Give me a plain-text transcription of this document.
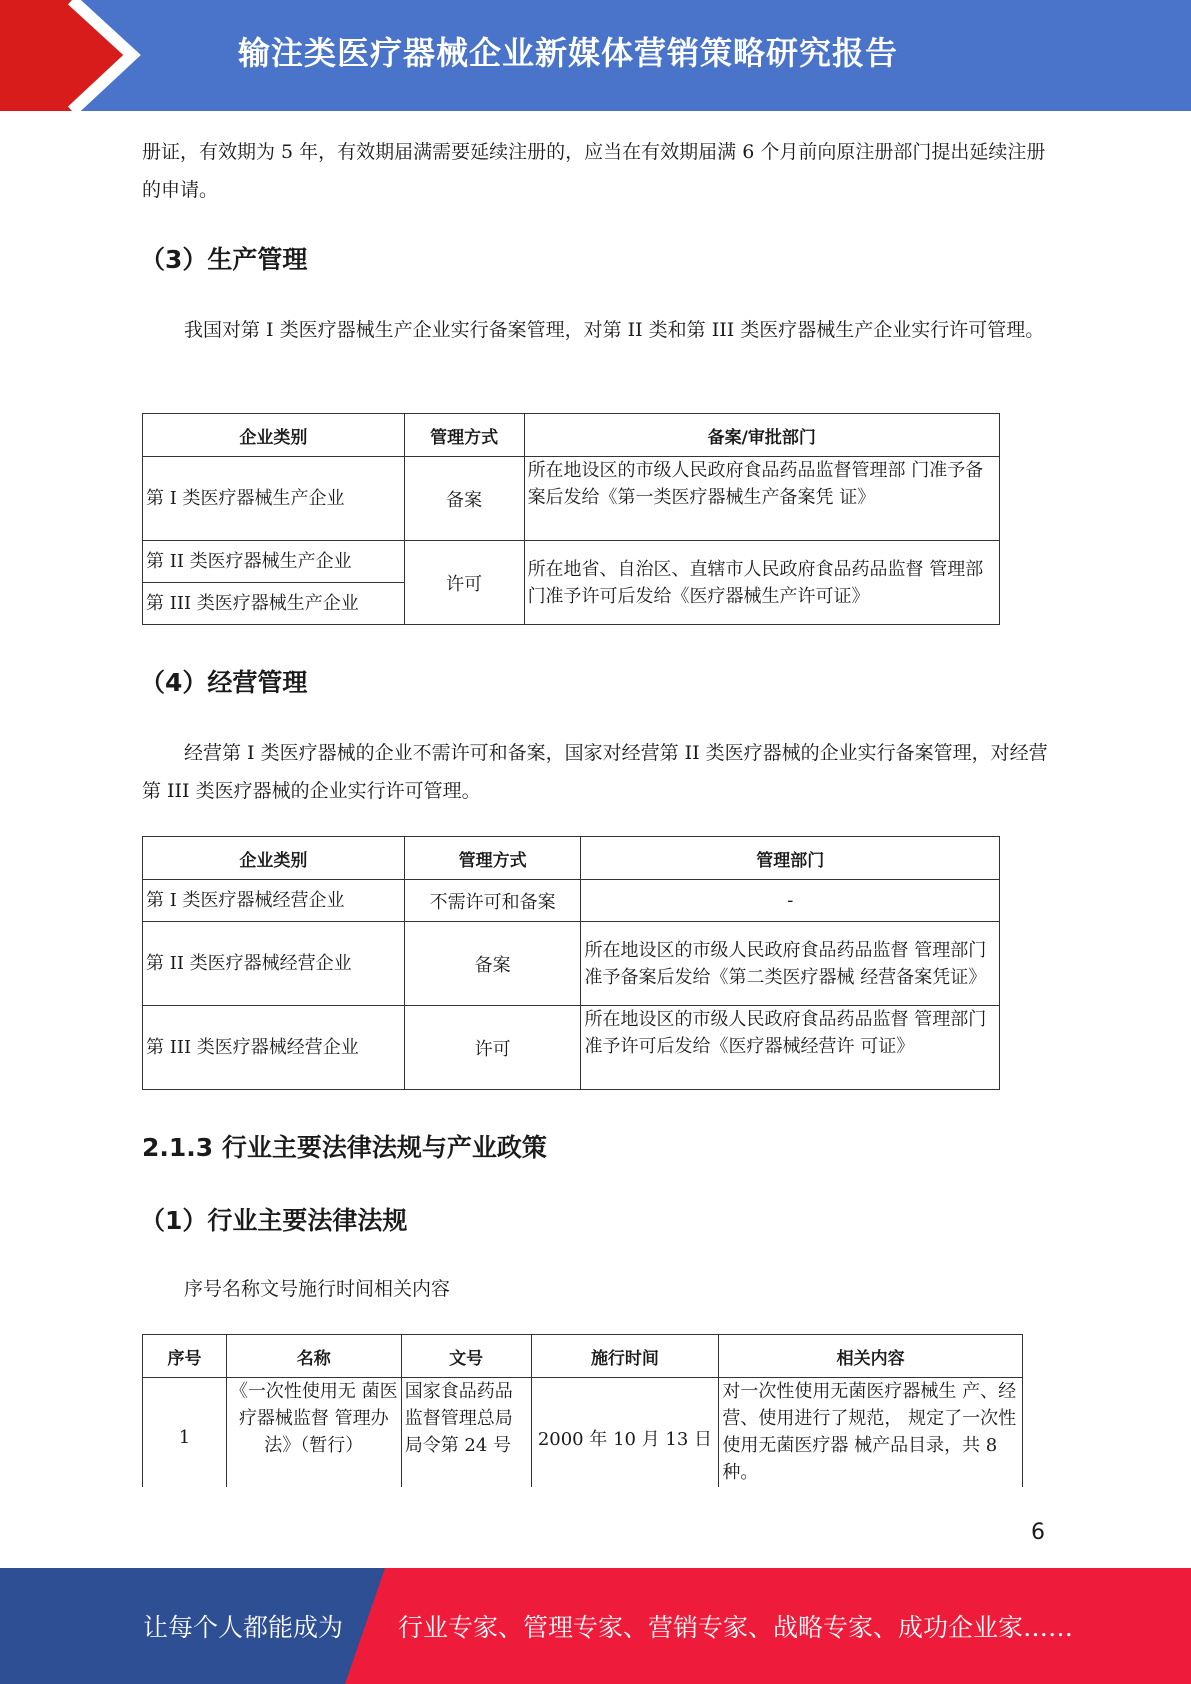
输注类医疗器械企业新媒体营销策略研究报告
册证，有效期为 5 年，有效期届满需要延续注册的，应当在有效期届满 6 个月前向原注册部门提出延续注册的申请。
（3）生产管理
我国对第 I 类医疗器械生产企业实行备案管理，对第 II 类和第 III 类医疗器械生产企业实行许可管理。
企业类别	管理方式	备案/审批部门
第 I 类医疗器械生产企业	备案	所在地设区的市级人民政府食品药品监督管理部 门准予备案后发给《第一类医疗器械生产备案凭 证》
第 II 类医疗器械生产企业	许可	所在地省、自治区、直辖市人民政府食品药品监督 管理部门准予许可后发给《医疗器械生产许可证》
第 III 类医疗器械生产企业		
（4）经营管理
经营第 I 类医疗器械的企业不需许可和备案，国家对经营第 II 类医疗器械的企业实行备案管理，对经营第 III 类医疗器械的企业实行许可管理。
企业类别	管理方式	管理部门
第 I 类医疗器械经营企业	不需许可和备案	-
第 II 类医疗器械经营企业	备案	所在地设区的市级人民政府食品药品监督 管理部门准予备案后发给《第二类医疗器械 经营备案凭证》
第 III 类医疗器械经营企业	许可	所在地设区的市级人民政府食品药品监督 管理部门准予许可后发给《医疗器械经营许 可证》
2.1.3 行业主要法律法规与产业政策
（1）行业主要法律法规
序号名称文号施行时间相关内容
序号	名称	文号	施行时间	相关内容
1	《一次性使用无 菌医疗器械监督 管理办法》（暂行）	国家食品药品监督管理总局局令第 24 号	2000 年 10 月 13 日	对一次性使用无菌医疗器械生 产、经营、使用进行了规范， 规定了一次性使用无菌医疗器 械产品目录，共 8 种。
6
让每个人都能成为 行业专家、管理专家、营销专家、战略专家、成功企业家……
